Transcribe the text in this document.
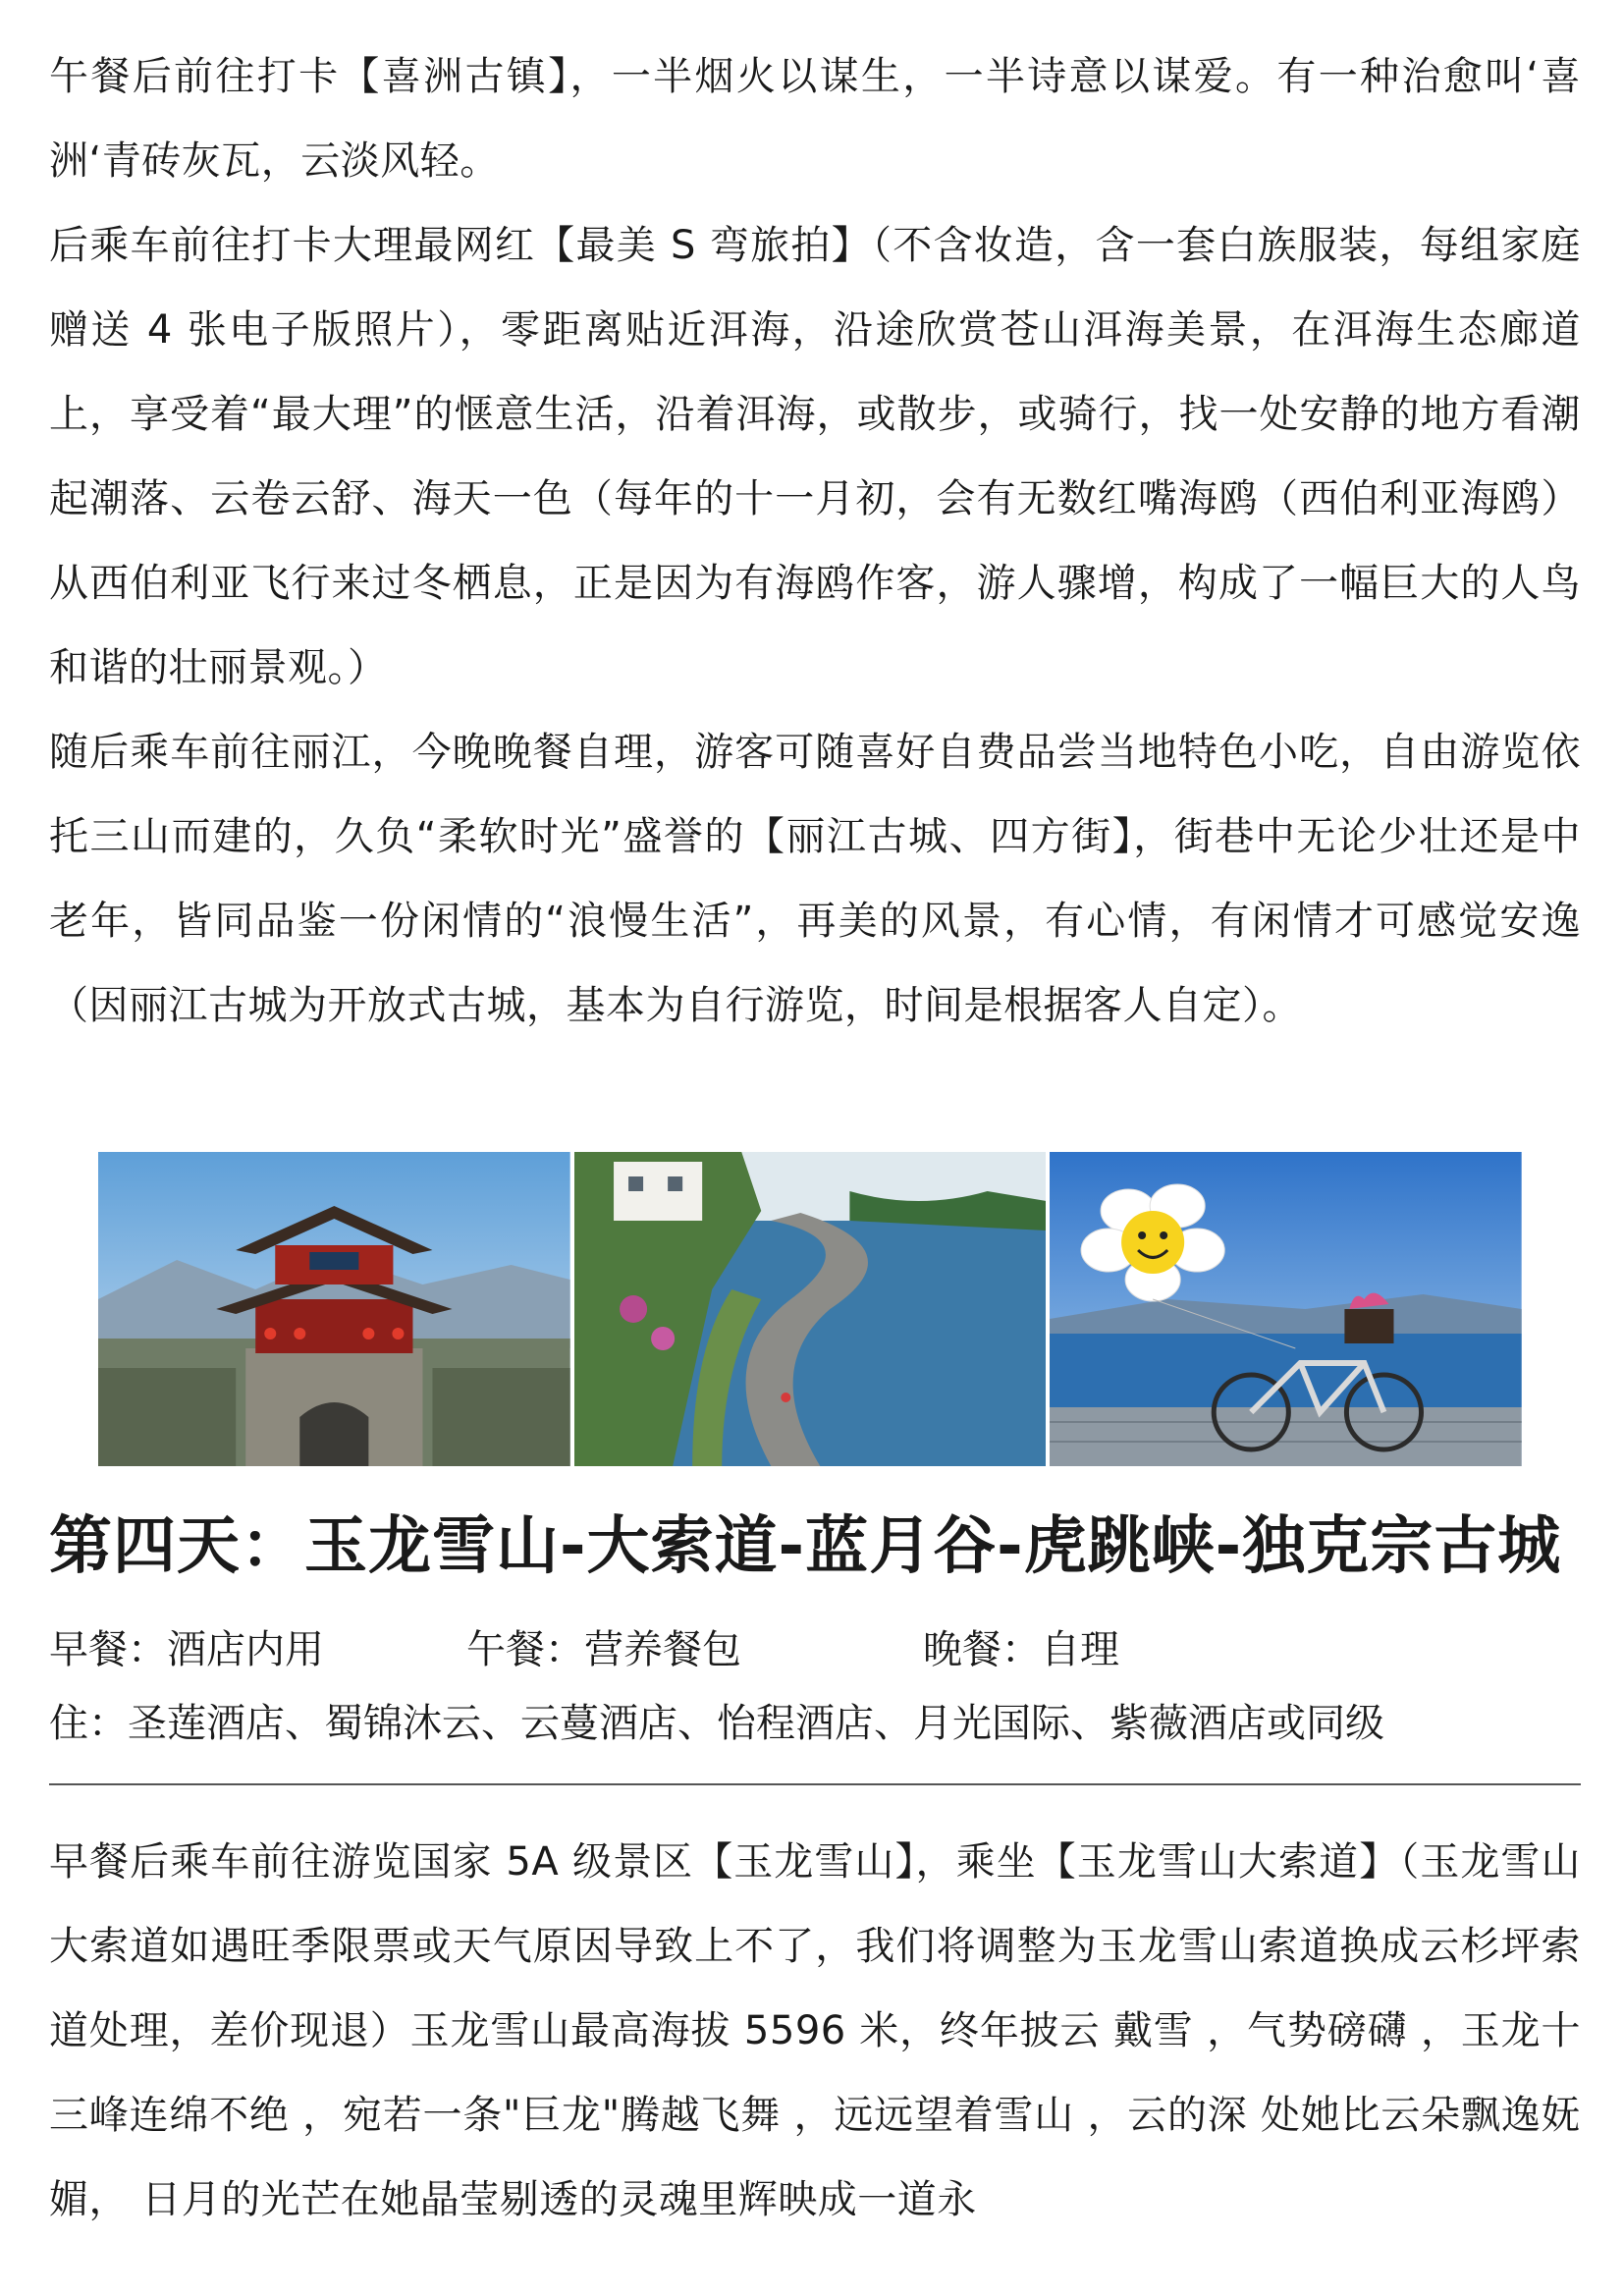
午餐后前往打卡【喜洲古镇】，一半烟火以谋生，一半诗意以谋爱。有一种治愈叫‘喜洲‘青砖灰瓦，云淡风轻。

后乘车前往打卡大理最网红【最美 S 弯旅拍】（不含妆造，含一套白族服装，每组家庭赠送 4 张电子版照片），零距离贴近洱海，沿途欣赏苍山洱海美景，在洱海生态廊道上，享受着“最大理”的惬意生活，沿着洱海，或散步，或骑行，找一处安静的地方看潮起潮落、云卷云舒、海天一色（每年的十一月初，会有无数红嘴海鸥（西伯利亚海鸥）从西伯利亚飞行来过冬栖息，正是因为有海鸥作客，游人骤增，构成了一幅巨大的人鸟和谐的壮丽景观。）

随后乘车前往丽江，今晚晚餐自理，游客可随喜好自费品尝当地特色小吃，自由游览依托三山而建的，久负“柔软时光”盛誉的【丽江古城、四方街】，街巷中无论少壮还是中老年，皆同品鉴一份闲情的“浪慢生活”，再美的风景，有心情，有闲情才可感觉安逸（因丽江古城为开放式古城，基本为自行游览，时间是根据客人自定）。

第四天：玉龙雪山-大索道-蓝月谷-虎跳峡-独克宗古城
早餐：酒店内用	午餐：营养餐包	晚餐：自理
住：圣莲酒店、蜀锦沐云、云蔓酒店、怡程酒店、月光国际、紫薇酒店或同级

早餐后乘车前往游览国家 5A 级景区【玉龙雪山】，乘坐【玉龙雪山大索道】（玉龙雪山大索道如遇旺季限票或天气原因导致上不了，我们将调整为玉龙雪山索道换成云杉坪索道处理，差价现退）玉龙雪山最高海拔 5596 米，终年披云 戴雪 ，气势磅礴 ，玉龙十三峰连绵不绝 ，宛若一条"巨龙"腾越飞舞 ，远远望着雪山 ，云的深 处她比云朵飘逸妩媚， 日月的光芒在她晶莹剔透的灵魂里辉映成一道永
